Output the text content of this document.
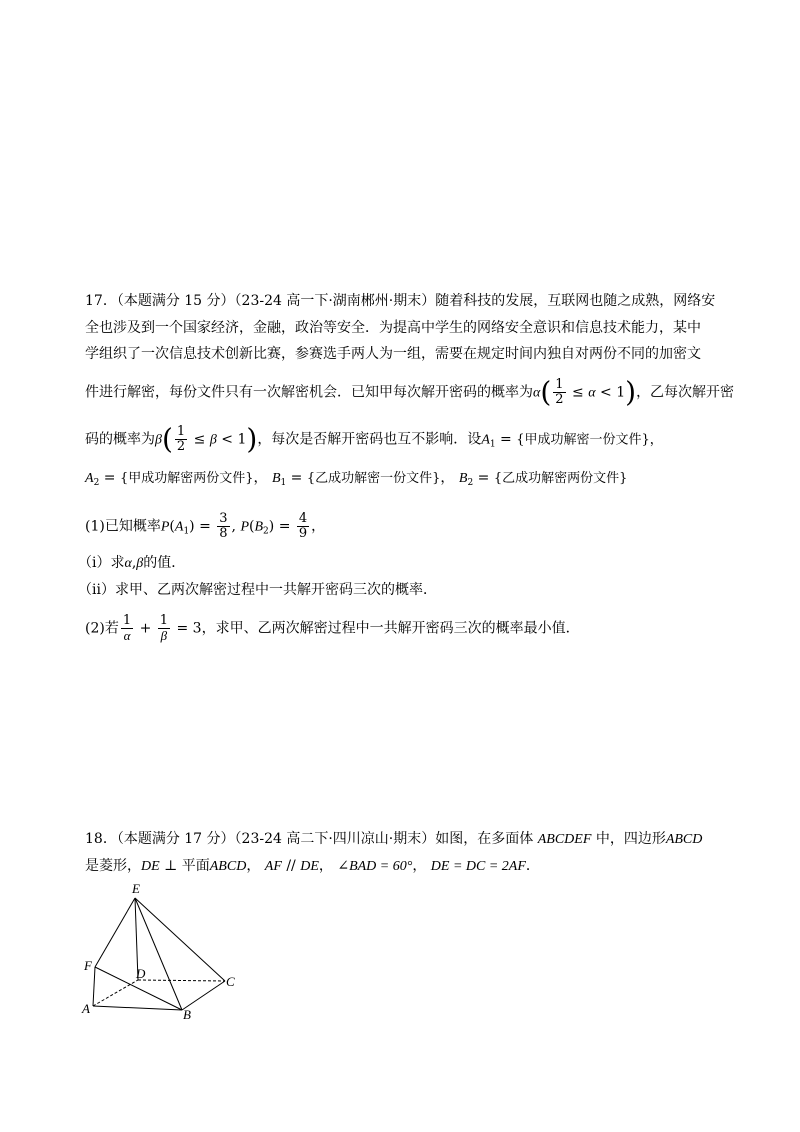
17．（本题满分 15 分）（23-24 高一下·湖南郴州·期末）随着科技的发展，互联网也随之成熟，网络安
全也涉及到一个国家经济，金融，政治等安全．为提高中学生的网络安全意识和信息技术能力，某中
学组织了一次信息技术创新比赛，参赛选手两人为一组，需要在规定时间内独自对两份不同的加密文
件进行解密，每份文件只有一次解密机会．已知甲每次解开密码的概率为$\alpha( \frac{1}{2} \le \alpha < 1)$，乙每次解开密
码的概率为$\beta( \frac{1}{2} \le \beta < 1)$，每次是否解开密码也互不影响．设$A_1$ = {甲成功解密一份文件}，
$A_2$ = {甲成功解密两份文件}， $B_1$ = {乙成功解密一份文件}， $B_2$ = {乙成功解密两份文件}
(1)已知概率$P(A_1) = \frac{3}{8}$ , $P(B_2) = \frac{4}{9}$ ，
（i）求α,β的值．
（ii）求甲、乙两次解密过程中一共解开密码三次的概率．
(2)若 $\frac{1}{\alpha} + \frac{1}{\beta} = 3$，求甲、乙两次解密过程中一共解开密码三次的概率最小值．
18．（本题满分 17 分）（23-24 高二下·四川凉山·期末）如图，在多面体 ABCDEF 中，四边形ABCD
是菱形，DE ⊥ 平面ABCD， AF // DE， ∠BAD = 60°， DE = DC = 2AF．
E
F
D
C
A	B
